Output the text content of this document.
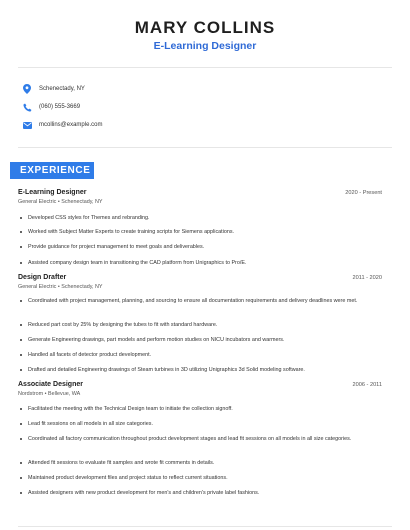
MARY COLLINS
E-Learning Designer
Schenectady, NY
(060) 555-3669
mcollins@example.com
EXPERIENCE
E-Learning Designer	2020 - Present
General Electric • Schenectady, NY
Developed CSS styles for Themes and rebranding.
Worked with Subject Matter Experts to create training scripts for Siemens applications.
Provide guidance for project management to meet goals and deliverables.
Assisted company design team in transitioning the CAD platform from Unigraphics to Pro/E.
Design Drafter	2011 - 2020
General Electric • Schenectady, NY
Coordinated with project management, planning, and sourcing to ensure all documentation requirements and delivery deadlines were met.
Reduced part cost by 25% by designing the tubes to fit with standard hardware.
Generate Engineering drawings, part models and perform motion studies on NICU incubators and warmers.
Handled all facets of detector product development.
Drafted and detailed Engineering drawings of Steam turbines in 3D utilizing Unigraphics 3d Solid modeling software.
Associate Designer	2006 - 2011
Nordstrom • Bellevue, WA
Facilitated the meeting with the Technical Design team to initiate the collection signoff.
Lead fit sessions on all models in all size categories.
Coordinated all factory communication throughout product development stages and lead fit sessions on all models in all size categories.
Attended fit sessions to evaluate fit samples and wrote fit comments in details.
Maintained product development files and project status to reflect current situations.
Assisted designers with new product development for men's and children's private label fashions.
